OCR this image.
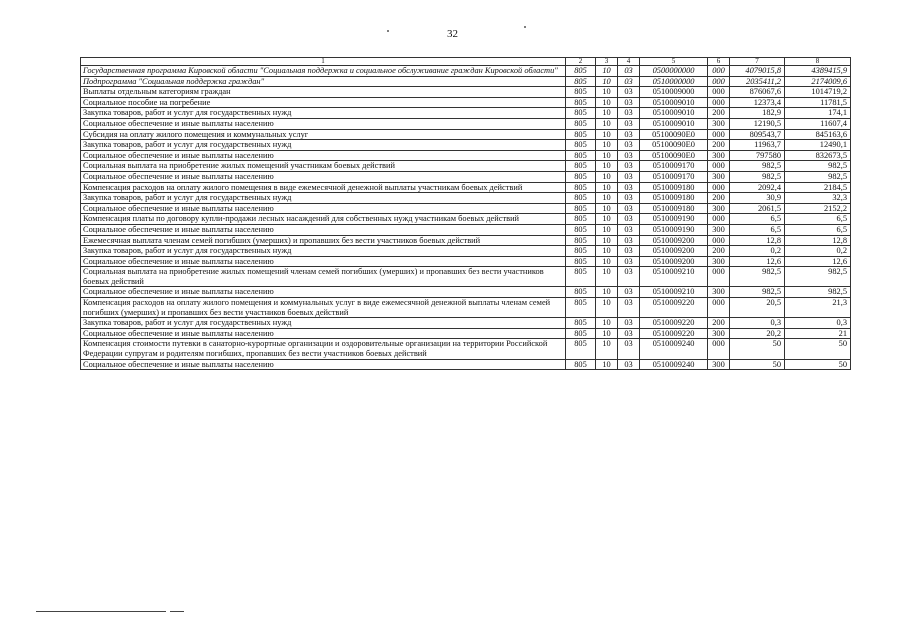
32
1	2	3	4	5	6	7	8
Государственная программа Кировской области "Социальная поддержка и социальное обслуживание граждан Кировской области"	805	10	03	0500000000	000	4079015,8	4389415,9
Подпрограмма "Социальная поддержка граждан"	805	10	03	0510000000	000	2035411,2	2174009,6
Выплаты отдельным категориям граждан	805	10	03	0510009000	000	876067,6	1014719,2
Социальное пособие на погребение	805	10	03	0510009010	000	12373,4	11781,5
Закупка товаров, работ и услуг для государственных нужд	805	10	03	0510009010	200	182,9	174,1
Социальное обеспечение и иные выплаты населению	805	10	03	0510009010	300	12190,5	11607,4
Субсидия на оплату жилого помещения и коммунальных услуг	805	10	03	05100090Е0	000	809543,7	845163,6
Закупка товаров, работ и услуг для государственных нужд	805	10	03	05100090Е0	200	11963,7	12490,1
Социальное обеспечение и иные выплаты населению	805	10	03	05100090Е0	300	797580	832673,5
Социальная выплата на приобретение жилых помещений участникам боевых действий	805	10	03	0510009170	000	982,5	982,5
Социальное обеспечение и иные выплаты населению	805	10	03	0510009170	300	982,5	982,5
Компенсация расходов на оплату жилого помещения в виде ежемесячной денежной выплаты участникам боевых действий	805	10	03	0510009180	000	2092,4	2184,5
Закупка товаров, работ и услуг для государственных нужд	805	10	03	0510009180	200	30,9	32,3
Социальное обеспечение и иные выплаты населению	805	10	03	0510009180	300	2061,5	2152,2
Компенсация платы по договору купли-продажи лесных насаждений для собственных нужд участникам боевых действий	805	10	03	0510009190	000	6,5	6,5
Социальное обеспечение и иные выплаты населению	805	10	03	0510009190	300	6,5	6,5
Ежемесячная выплата членам семей погибших (умерших) и пропавших без вести участников боевых действий	805	10	03	0510009200	000	12,8	12,8
Закупка товаров, работ и услуг для государственных нужд	805	10	03	0510009200	200	0,2	0,2
Социальное обеспечение и иные выплаты населению	805	10	03	0510009200	300	12,6	12,6
Социальная выплата на приобретение жилых помещений членам семей погибших (умерших) и пропавших без вести участников боевых действий	805	10	03	0510009210	000	982,5	982,5
Социальное обеспечение и иные выплаты населению	805	10	03	0510009210	300	982,5	982,5
Компенсация расходов на оплату жилого помещения и коммунальных услуг в виде ежемесячной денежной выплаты членам семей погибших (умерших) и пропавших без вести участников боевых действий	805	10	03	0510009220	000	20,5	21,3
Закупка товаров, работ и услуг для государственных нужд	805	10	03	0510009220	200	0,3	0,3
Социальное обеспечение и иные выплаты населению	805	10	03	0510009220	300	20,2	21
Компенсация стоимости путевки в санаторно-курортные организации и оздоровительные организации на территории Российской Федерации супругам и родителям погибших, пропавших без вести участников боевых действий	805	10	03	0510009240	000	50	50
Социальное обеспечение и иные выплаты населению	805	10	03	0510009240	300	50	50
